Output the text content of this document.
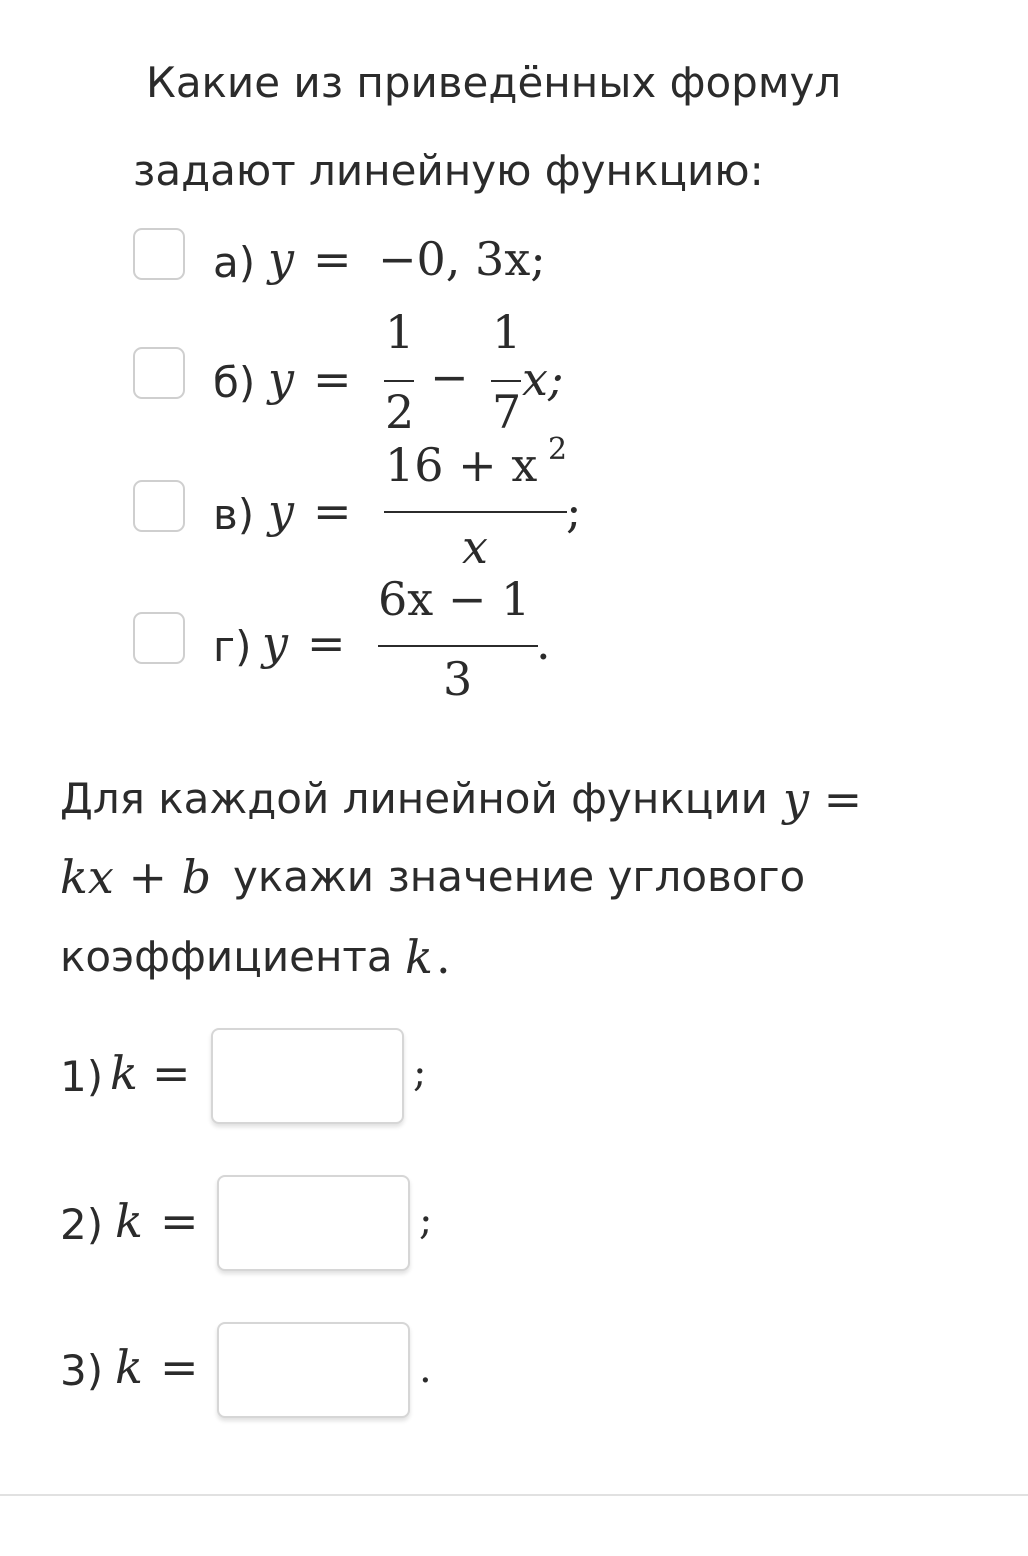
Какие из приведённых формул
задают линейную функцию:
а) y = −0, 3x;
б) y =
1
2
−
1
7
x;
в) y =
16 + x 2
x
;
г) y =
6x − 1
3
.
Для каждой линейной функции y =
kx + b укажи значение углового
коэффициента k .
1) k =	;
2) k =	;
3) k =	.
